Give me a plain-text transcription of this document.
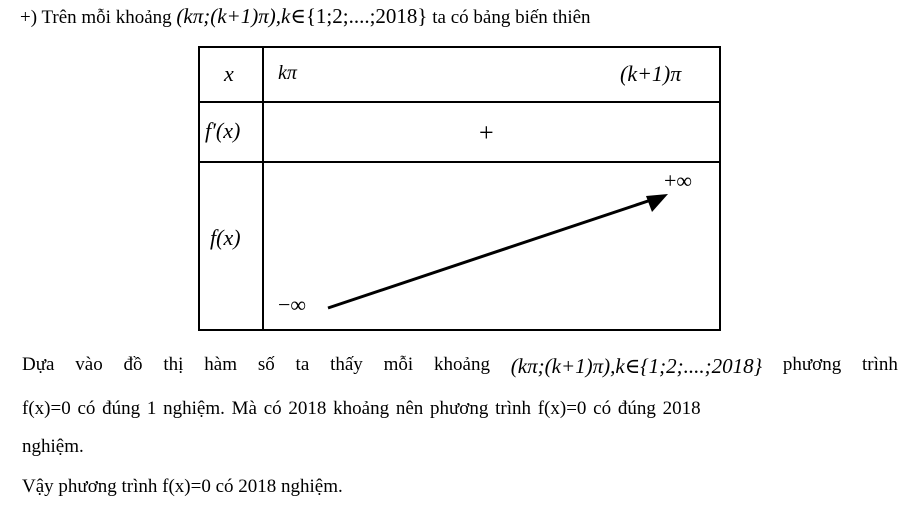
+) Trên mỗi khoảng (kπ;(k+1)π),k∈{1;2;....;2018} ta có bảng biến thiên
x kπ	(k+1)π
f′(x)	+
f(x)
−∞
+∞
Dựa vào đồ thị hàm số ta thấy mỗi khoảng (kπ;(k+1)π),k∈{1;2;....;2018} phương trình
f(x)=0 có đúng 1 nghiệm. Mà có 2018 khoảng nên phương trình f(x)=0 có đúng 2018
nghiệm.
Vậy phương trình f(x)=0 có 2018 nghiệm.
